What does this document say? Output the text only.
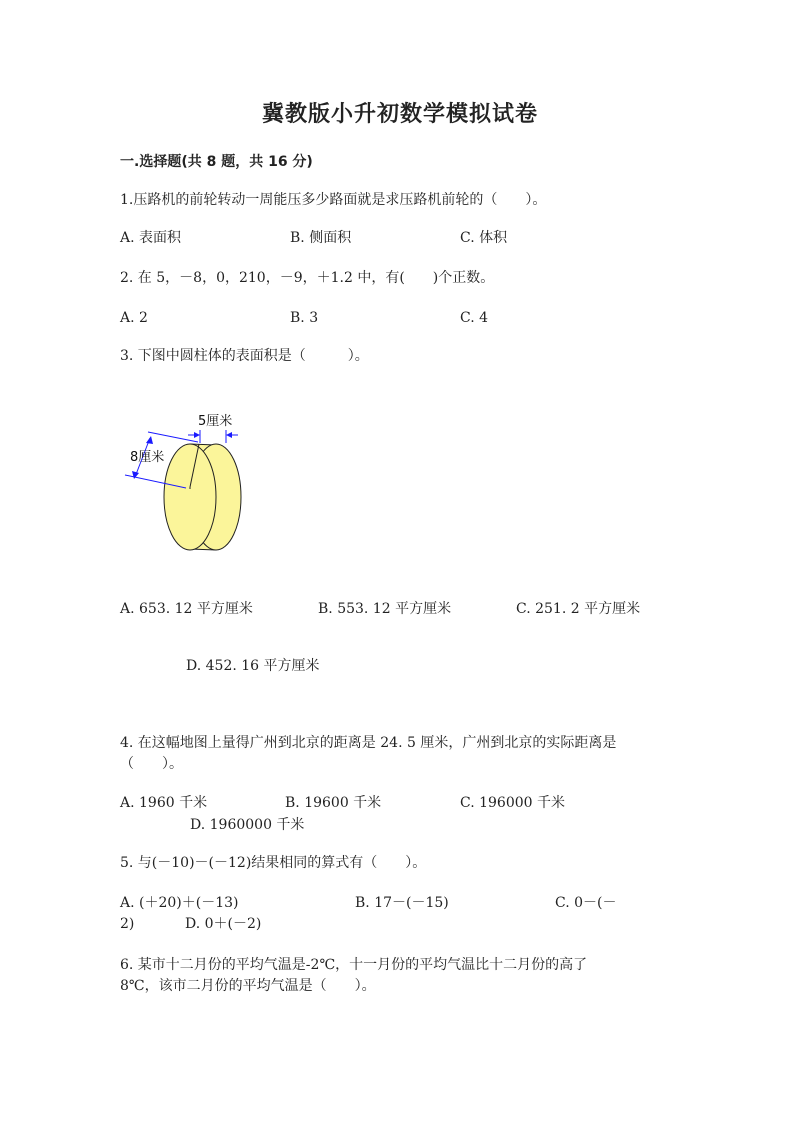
冀教版小升初数学模拟试卷
一.选择题(共 8 题，共 16 分)
1.压路机的前轮转动一周能压多少路面就是求压路机前轮的（　　）。
A. 表面积	B. 侧面积	C. 体积
2. 在 5，－8，0，210，－9，＋1.2 中，有(　　)个正数。
A. 2	B. 3	C. 4
3. 下图中圆柱体的表面积是（　　　）。
5厘米
8厘米
A. 653. 12 平方厘米	B. 553. 12 平方厘米	C. 251. 2 平方厘米
D. 452. 16 平方厘米
4. 在这幅地图上量得广州到北京的距离是 24. 5 厘米，广州到北京的实际距离是
（　　）。
A. 1960 千米	B. 19600 千米	C. 196000 千米
D. 1960000 千米
5. 与(－10)－(－12)结果相同的算式有（　　）。
A. (＋20)＋(－13)	B. 17－(－15)	C. 0－(－
2)	D. 0＋(－2)
6. 某市十二月份的平均气温是-2℃，十一月份的平均气温比十二月份的高了
8℃，该市二月份的平均气温是（　　）。
